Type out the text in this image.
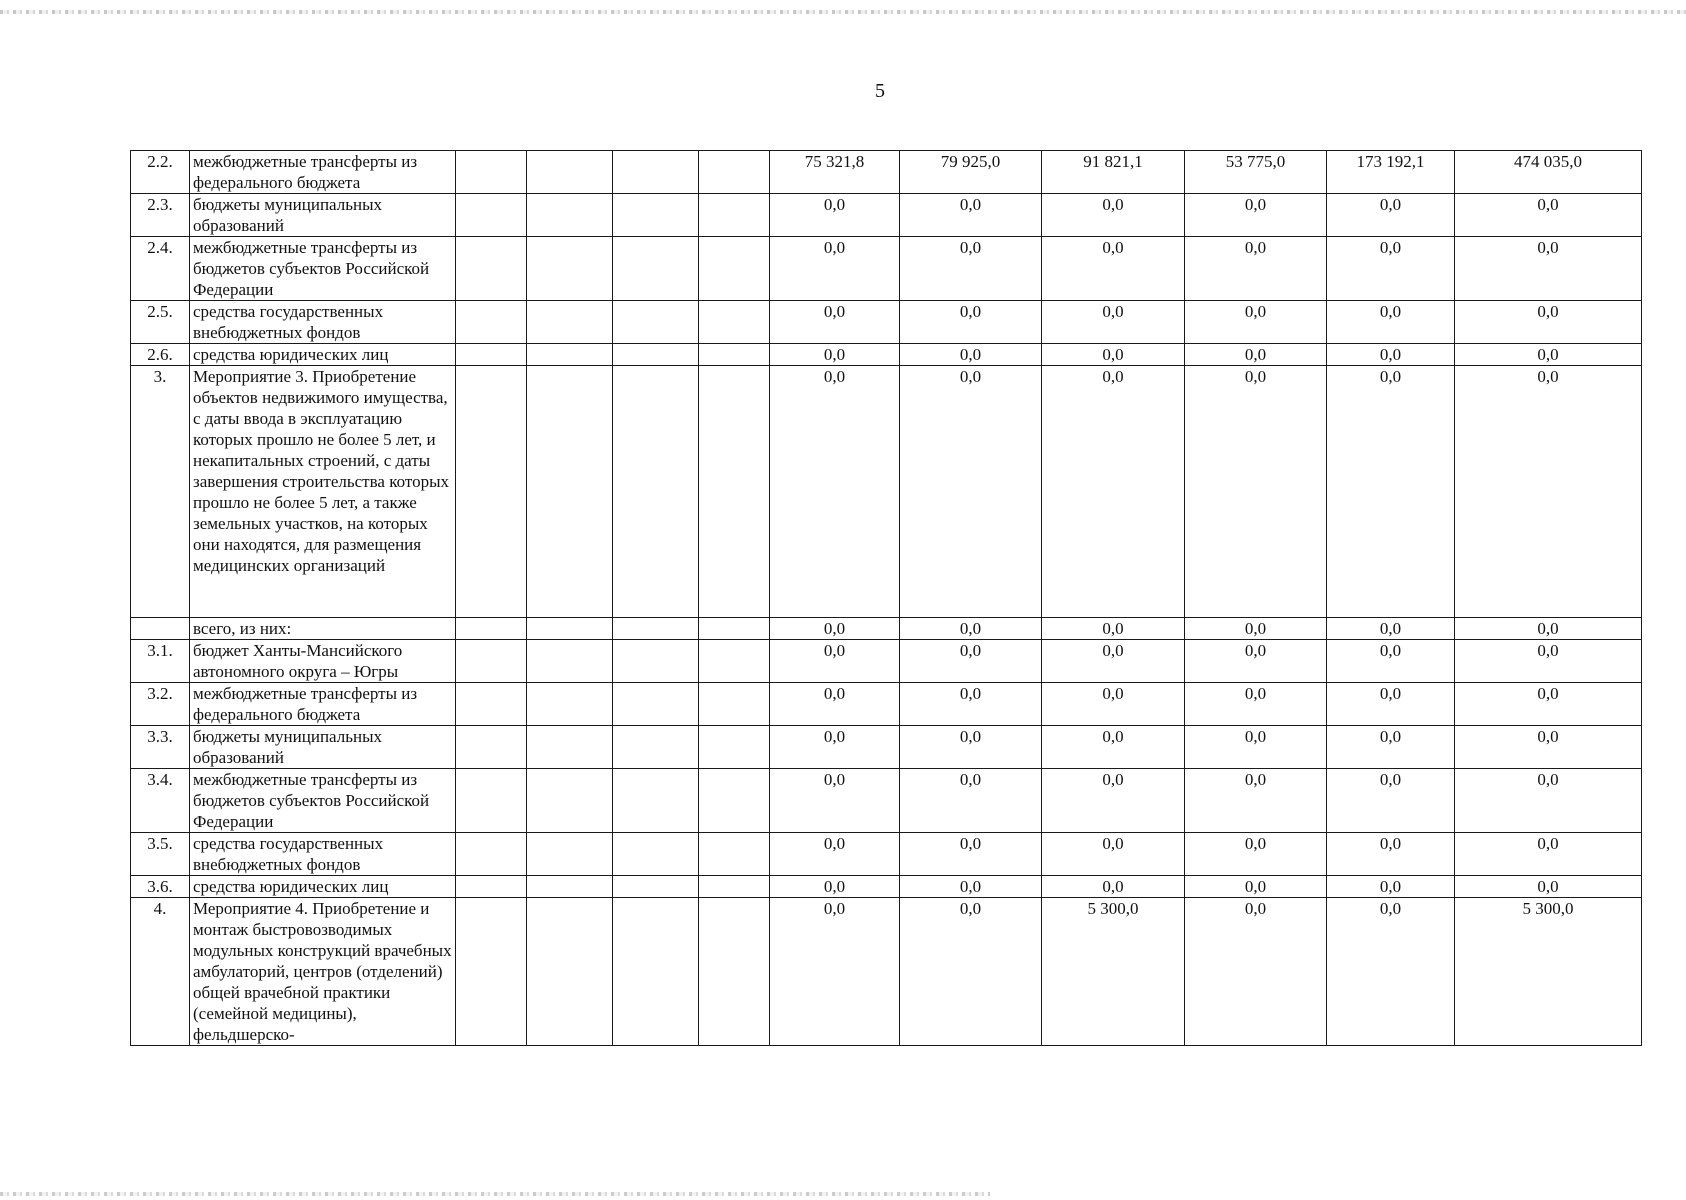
5
2.2.	межбюджетные трансферты из федерального бюджета					75 321,8	79 925,0	91 821,1	53 775,0	173 192,1	474 035,0
2.3.	бюджеты муниципальных образований					0,0	0,0	0,0	0,0	0,0	0,0
2.4.	межбюджетные трансферты из бюджетов субъектов Российской Федерации					0,0	0,0	0,0	0,0	0,0	0,0
2.5.	средства государственных внебюджетных фондов					0,0	0,0	0,0	0,0	0,0	0,0
2.6.	средства юридических лиц					0,0	0,0	0,0	0,0	0,0	0,0
3.	Мероприятие 3. Приобретение объектов недвижимого имущества, с даты ввода в эксплуатацию которых прошло не более 5 лет, и некапитальных строений, с даты завершения строительства которых прошло не более 5 лет, а также земельных участков, на которых они находятся, для размещения медицинских организаций					0,0	0,0	0,0	0,0	0,0	0,0
	всего, из них:					0,0	0,0	0,0	0,0	0,0	0,0
3.1.	бюджет Ханты-Мансийского автономного округа – Югры					0,0	0,0	0,0	0,0	0,0	0,0
3.2.	межбюджетные трансферты из федерального бюджета					0,0	0,0	0,0	0,0	0,0	0,0
3.3.	бюджеты муниципальных образований					0,0	0,0	0,0	0,0	0,0	0,0
3.4.	межбюджетные трансферты из бюджетов субъектов Российской Федерации					0,0	0,0	0,0	0,0	0,0	0,0
3.5.	средства государственных внебюджетных фондов					0,0	0,0	0,0	0,0	0,0	0,0
3.6.	средства юридических лиц					0,0	0,0	0,0	0,0	0,0	0,0
4.	Мероприятие 4. Приобретение и монтаж быстровозводимых модульных конструкций врачебных амбулаторий, центров (отделений) общей врачебной практики (семейной медицины), фельдшерско-					0,0	0,0	5 300,0	0,0	0,0	5 300,0
